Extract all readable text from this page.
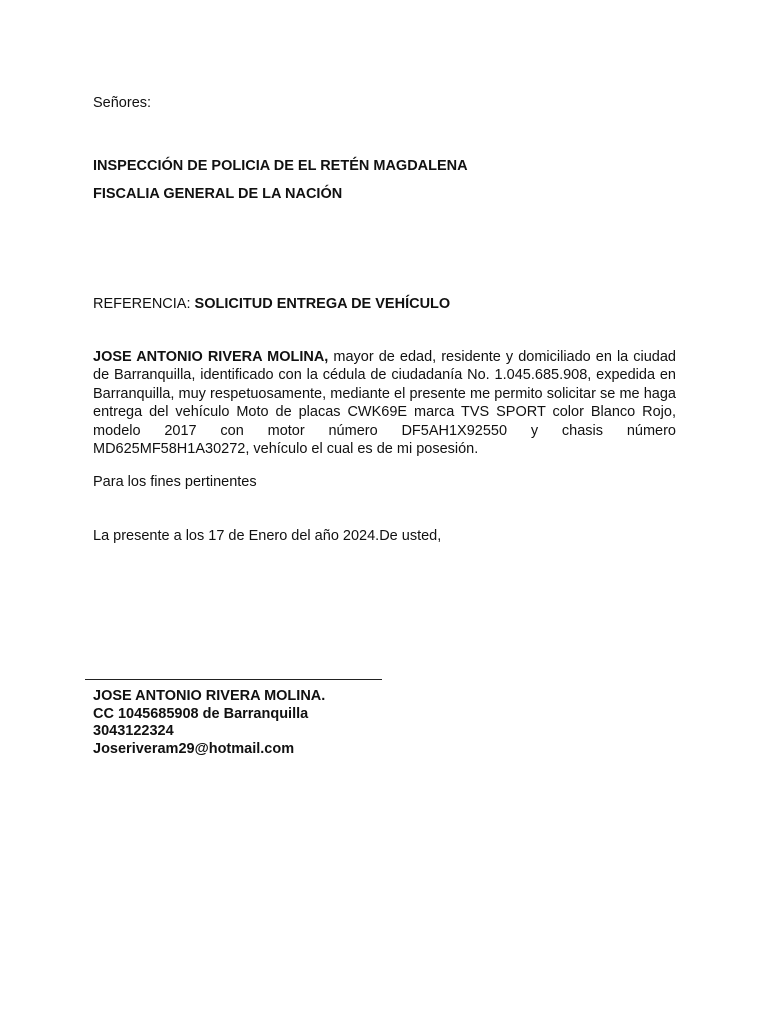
Señores:
INSPECCIÓN DE POLICIA DE EL RETÉN MAGDALENA
FISCALIA GENERAL DE LA NACIÓN
REFERENCIA: SOLICITUD ENTREGA DE VEHÍCULO
JOSE ANTONIO RIVERA MOLINA, mayor de edad, residente y domiciliado en la ciudad de Barranquilla, identificado con la cédula de ciudadanía No. 1.045.685.908, expedida en Barranquilla, muy respetuosamente, mediante el presente me permito solicitar se me haga entrega del vehículo Moto de placas CWK69E marca TVS SPORT color Blanco Rojo, modelo 2017 con motor número DF5AH1X92550 y chasis número MD625MF58H1A30272, vehículo el cual es de mi posesión.
Para los fines pertinentes
La presente a los 17 de Enero del año 2024.De usted,
JOSE ANTONIO RIVERA MOLINA.
CC 1045685908 de Barranquilla
3043122324
Joseriveram29@hotmail.com
